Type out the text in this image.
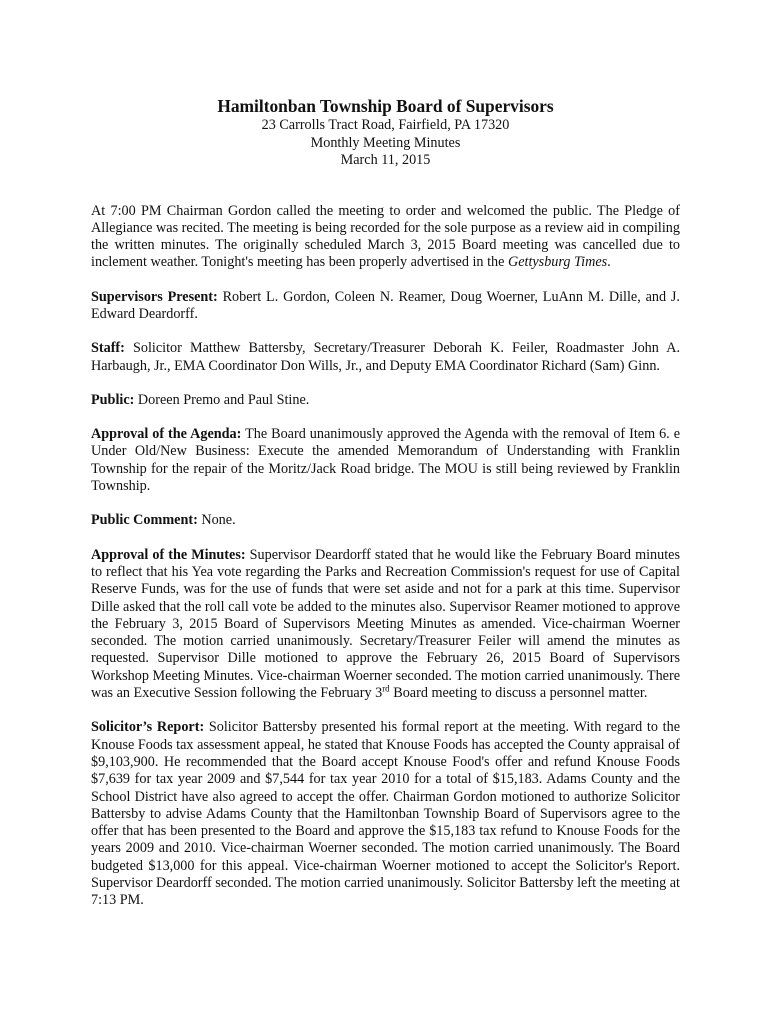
Hamiltonban Township Board of Supervisors
23 Carrolls Tract Road, Fairfield, PA 17320
Monthly Meeting Minutes
March 11, 2015

At 7:00 PM Chairman Gordon called the meeting to order and welcomed the public. The Pledge of Allegiance was recited. The meeting is being recorded for the sole purpose as a review aid in compiling the written minutes. The originally scheduled March 3, 2015 Board meeting was cancelled due to inclement weather. Tonight's meeting has been properly advertised in the Gettysburg Times.

Supervisors Present: Robert L. Gordon, Coleen N. Reamer, Doug Woerner, LuAnn M. Dille, and J. Edward Deardorff.

Staff: Solicitor Matthew Battersby, Secretary/Treasurer Deborah K. Feiler, Roadmaster John A. Harbaugh, Jr., EMA Coordinator Don Wills, Jr., and Deputy EMA Coordinator Richard (Sam) Ginn.

Public: Doreen Premo and Paul Stine.

Approval of the Agenda: The Board unanimously approved the Agenda with the removal of Item 6. e Under Old/New Business: Execute the amended Memorandum of Understanding with Franklin Township for the repair of the Moritz/Jack Road bridge. The MOU is still being reviewed by Franklin Township.

Public Comment: None.

Approval of the Minutes: Supervisor Deardorff stated that he would like the February Board minutes to reflect that his Yea vote regarding the Parks and Recreation Commission's request for use of Capital Reserve Funds, was for the use of funds that were set aside and not for a park at this time. Supervisor Dille asked that the roll call vote be added to the minutes also. Supervisor Reamer motioned to approve the February 3, 2015 Board of Supervisors Meeting Minutes as amended. Vice-chairman Woerner seconded. The motion carried unanimously. Secretary/Treasurer Feiler will amend the minutes as requested. Supervisor Dille motioned to approve the February 26, 2015 Board of Supervisors Workshop Meeting Minutes. Vice-chairman Woerner seconded. The motion carried unanimously. There was an Executive Session following the February 3rd Board meeting to discuss a personnel matter.

Solicitor’s Report: Solicitor Battersby presented his formal report at the meeting. With regard to the Knouse Foods tax assessment appeal, he stated that Knouse Foods has accepted the County appraisal of $9,103,900. He recommended that the Board accept Knouse Food's offer and refund Knouse Foods $7,639 for tax year 2009 and $7,544 for tax year 2010 for a total of $15,183. Adams County and the School District have also agreed to accept the offer. Chairman Gordon motioned to authorize Solicitor Battersby to advise Adams County that the Hamiltonban Township Board of Supervisors agree to the offer that has been presented to the Board and approve the $15,183 tax refund to Knouse Foods for the years 2009 and 2010. Vice-chairman Woerner seconded. The motion carried unanimously. The Board budgeted $13,000 for this appeal. Vice-chairman Woerner motioned to accept the Solicitor's Report. Supervisor Deardorff seconded. The motion carried unanimously. Solicitor Battersby left the meeting at 7:13 PM.
